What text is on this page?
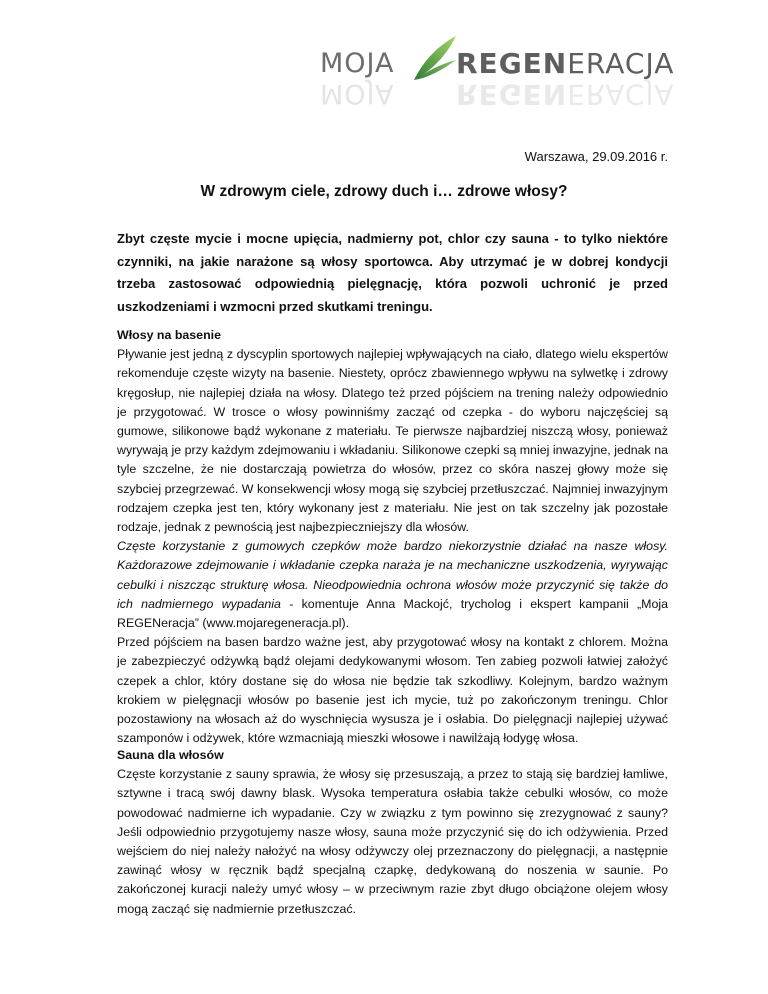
MOJA
MOJA
REGENERACJA
REGENERACJA
Warszawa, 29.09.2016 r.
W zdrowym ciele, zdrowy duch i… zdrowe włosy?
Zbyt częste mycie i mocne upięcia, nadmierny pot, chlor czy sauna - to tylko niektóre czynniki, na jakie narażone są włosy sportowca. Aby utrzymać je w dobrej kondycji trzeba zastosować odpowiednią pielęgnację, która pozwoli uchronić je przed uszkodzeniami i wzmocni przed skutkami treningu.
Włosy na basenie

Pływanie jest jedną z dyscyplin sportowych najlepiej wpływających na ciało, dlatego wielu ekspertów rekomenduje częste wizyty na basenie. Niestety, oprócz zbawiennego wpływu na sylwetkę i zdrowy kręgosłup, nie najlepiej działa na włosy. Dlatego też przed pójściem na trening należy odpowiednio je przygotować. W trosce o włosy powinniśmy zacząć od czepka - do wyboru najczęściej są gumowe, silikonowe bądź wykonane z materiału. Te pierwsze najbardziej niszczą włosy, ponieważ wyrywają je przy każdym zdejmowaniu i wkładaniu. Silikonowe czepki są mniej inwazyjne, jednak na tyle szczelne, że nie dostarczają powietrza do włosów, przez co skóra naszej głowy może się szybciej przegrzewać. W konsekwencji włosy mogą się szybciej przetłuszczać. Najmniej inwazyjnym rodzajem czepka jest ten, który wykonany jest z materiału. Nie jest on tak szczelny jak pozostałe rodzaje, jednak z pewnością jest najbezpieczniejszy dla włosów.

Częste korzystanie z gumowych czepków może bardzo niekorzystnie działać na nasze włosy. Każdorazowe zdejmowanie i wkładanie czepka naraża je na mechaniczne uszkodzenia, wyrywając cebulki i niszcząc strukturę włosa. Nieodpowiednia ochrona włosów może przyczynić się także do ich nadmiernego wypadania - komentuje Anna Mackojć, trycholog i ekspert kampanii „Moja REGENeracja” (www.mojaregeneracja.pl).

Przed pójściem na basen bardzo ważne jest, aby przygotować włosy na kontakt z chlorem. Można je zabezpieczyć odżywką bądź olejami dedykowanymi włosom. Ten zabieg pozwoli łatwiej założyć czepek a chlor, który dostane się do włosa nie będzie tak szkodliwy. Kolejnym, bardzo ważnym krokiem w pielęgnacji włosów po basenie jest ich mycie, tuż po zakończonym treningu. Chlor pozostawiony na włosach aż do wyschnięcia wysusza je i osłabia. Do pielęgnacji najlepiej używać szamponów i odżywek, które wzmacniają mieszki włosowe i nawilżają łodygę włosa.

Sauna dla włosów

Częste korzystanie z sauny sprawia, że włosy się przesuszają, a przez to stają się bardziej łamliwe, sztywne i tracą swój dawny blask. Wysoka temperatura osłabia także cebulki włosów, co może powodować nadmierne ich wypadanie. Czy w związku z tym powinno się zrezygnować z sauny? Jeśli odpowiednio przygotujemy nasze włosy, sauna może przyczynić się do ich odżywienia. Przed wejściem do niej należy nałożyć na włosy odżywczy olej przeznaczony do pielęgnacji, a następnie zawinąć włosy w ręcznik bądź specjalną czapkę, dedykowaną do noszenia w saunie. Po zakończonej kuracji należy umyć włosy – w przeciwnym razie zbyt długo obciążone olejem włosy mogą zacząć się nadmiernie przetłuszczać.
